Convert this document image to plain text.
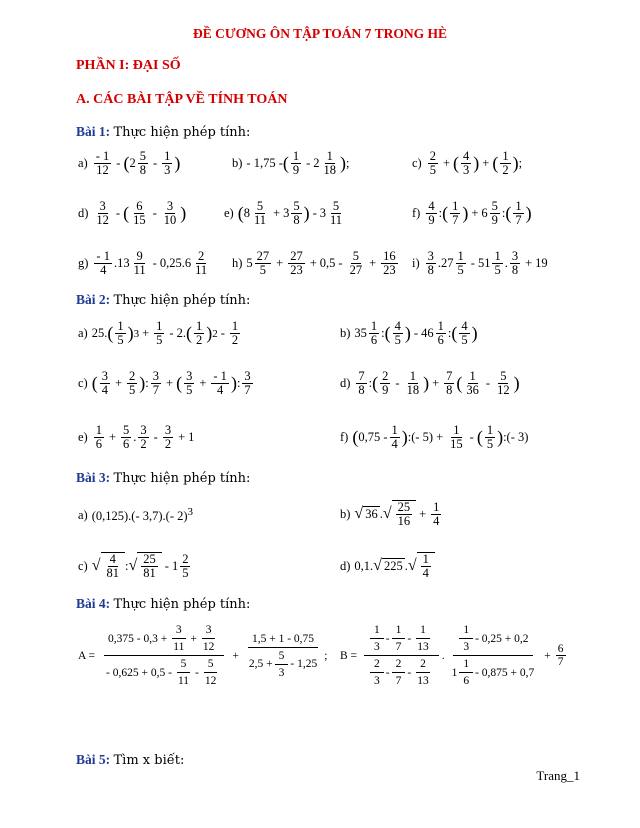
ĐỀ CƯƠNG ÔN TẬP TOÁN 7 TRONG HÈ
PHẦN I: ĐẠI SỐ
A. CÁC BÀI TẬP VỀ TÍNH TOÁN
Bài 1: Thực hiện phép tính:
$a) \frac{- 1}{12}$ - ( $2 \frac{5}{8} - \frac{1}{3}$ )	b) - 1,75 - ( $\frac{1}{9} - 2 \frac{1}{18}$ ) ;	$c) \frac{2}{5}$ + ( $\frac{4}{3}$ ) + ( $\frac{1}{2}$ ) ;
$d) \frac{3}{12}$ - ( $\frac{6}{15} - \frac{3}{10}$ )	e) ( $8 \frac{5}{11} + 3 \frac{5}{8}$ ) - $3 \frac{5}{11}$	$f) \frac{4}{9}$ : ( $\frac{1}{7}$ ) + $6 \frac{5}{9}$ : ( $\frac{1}{7}$ )
$g) \frac{- 1}{4} .13 \frac{9}{11} - 0,25.6 \frac{2}{11} h$) $5 \frac{27}{5} + \frac{27}{23} + 0,5 - \frac{5}{27} + \frac{16}{23} i) \frac{3}{8} .27 \frac{1}{5} - 51 \frac{1}{5}$ . $\frac{3}{8} + 19$
Bài 2: Thực hiện phép tính:
a) 25. ( $\frac{1}{5}$ ) $3 + \frac{1}{5} - 2$. ( $\frac{1}{2}$ ) $2 - \frac{1}{2}$	b) $35 \frac{1}{6}$ : ( $\frac{4}{5}$ ) - $46 \frac{1}{6}$ : ( $\frac{4}{5}$ )
c) ( $\frac{3}{4} + \frac{2}{5}$ ) : $\frac{3}{7}$ + ( $\frac{3}{5} + \frac{- 1}{4}$ ) : $\frac{3}{7}$	$d) \frac{7}{8}$ : ( $\frac{2}{9} - \frac{1}{18}$ ) + $\frac{7}{8}$ ( $\frac{1}{36} - \frac{5}{12}$ )
$e) \frac{1}{6} + \frac{5}{6}$ . $\frac{3}{2} - \frac{3}{2} + 1$	f) ( $0,75 - \frac{1}{4}$ ) :(- $5) + \frac{1}{15}$ - ( $\frac{1}{5}$ ) :(- 3)
Bài 3: Thực hiện phép tính:
a) (0,125).(- 3,7).(- 2)$^3$	b) √ 36 . √ $\frac{25}{16} + \frac{1}{4}$
c) √ $\frac{4}{81}$ : √ $\frac{25}{81} - 1 \frac{2}{5}$	d) 0,1. √ 225 . √ $\frac{1}{4}$
Bài 4: Thực hiện phép tính:
$A = \frac{0,375 - 0,3 + \frac{3}{11} + \frac{3}{12}}{- 0,625 + 0,5 - \frac{5}{11} - \frac{5}{12}} + \frac{1,5 + 1 - 0,75}{2,5 + \frac{5}{3} - 1,25}$ ; $B = \frac{\frac{1}{3} - \frac{1}{7} - \frac{1}{13}}{\frac{2}{3} - \frac{2}{7} - \frac{2}{13}}$ .
$\frac{1}{3} - 0,25 + 0,2$
$1 \frac{1}{6} - 0,875 + 0,7$
+ $\frac{6}{7}$
Bài 5: Tìm x biết:
Trang_1
